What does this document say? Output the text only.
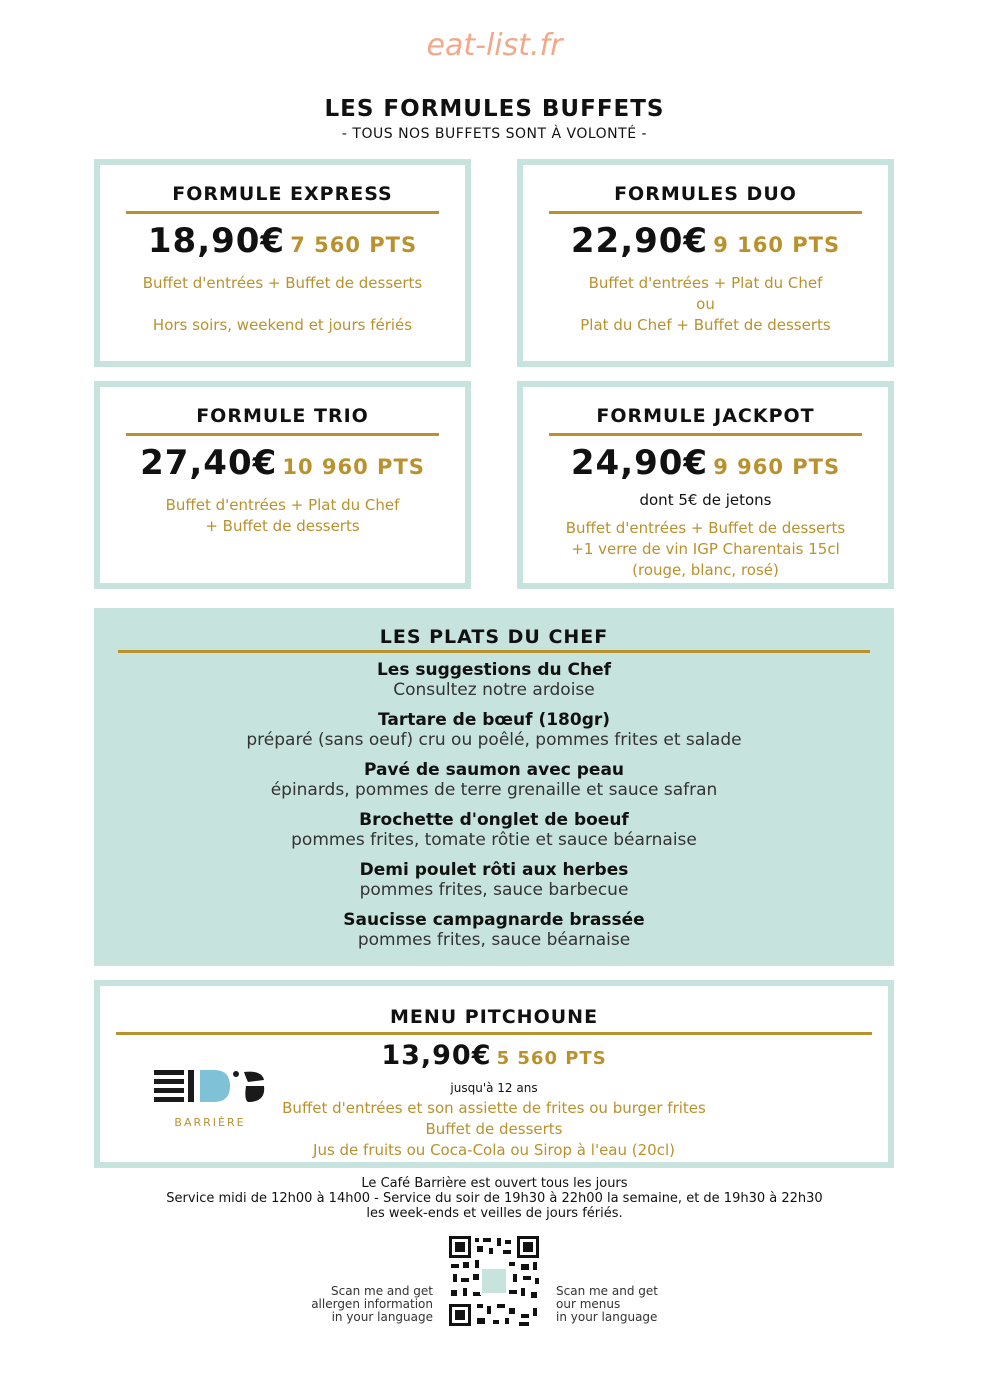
eat-list.fr
LES FORMULES BUFFETS
- TOUS NOS BUFFETS SONT À VOLONTÉ -
FORMULE EXPRESS
18,90€ 7 560 PTS
Buffet d'entrées + Buffet de desserts
Hors soirs, weekend et jours fériés
FORMULES DUO
22,90€ 9 160 PTS
Buffet d'entrées + Plat du Chef
ou
Plat du Chef + Buffet de desserts
FORMULE TRIO
27,40€ 10 960 PTS
Buffet d'entrées + Plat du Chef
+ Buffet de desserts
FORMULE JACKPOT
24,90€ 9 960 PTS
dont 5€ de jetons
Buffet d'entrées + Buffet de desserts
+1 verre de vin IGP Charentais 15cl
(rouge, blanc, rosé)
LES PLATS DU CHEF
Les suggestions du Chef
Consultez notre ardoise
Tartare de bœuf (180gr)
préparé (sans oeuf) cru ou poêlé, pommes frites et salade
Pavé de saumon avec peau
épinards, pommes de terre grenaille et sauce safran
Brochette d'onglet de boeuf
pommes frites, tomate rôtie et sauce béarnaise
Demi poulet rôti aux herbes
pommes frites, sauce barbecue
Saucisse campagnarde brassée
pommes frites, sauce béarnaise
MENU PITCHOUNE
13,90€ 5 560 PTS
jusqu'à 12 ans
Buffet d'entrées et son assiette de frites ou burger frites
Buffet de desserts
Jus de fruits ou Coca-Cola ou Sirop à l'eau (20cl)
BARRIÈRE
Le Café Barrière est ouvert tous les jours
Service midi de 12h00 à 14h00 - Service du soir de 19h30 à 22h00 la semaine, et de 19h30 à 22h30
les week-ends et veilles de jours fériés.
Scan me and get
allergen information
in your language
Scan me and get
our menus
in your language
